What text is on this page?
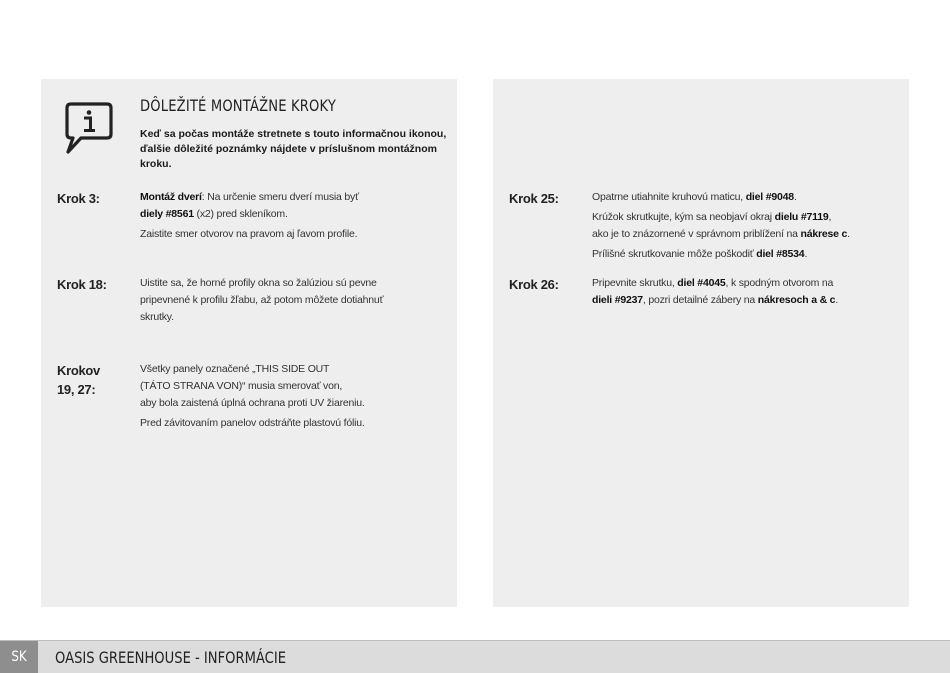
DÔLEŽITÉ MONTÁŽNE KROKY
Keď sa počas montáže stretnete s touto informačnou ikonou, ďalšie dôležité poznámky nájdete v príslušnom montážnom kroku.
Krok 3:	Montáž dverí: Na určenie smeru dverí musia byť

diely #8561 (x2) pred skleníkom.

Zaistite smer otvorov na pravom aj ľavom profile.

Krok 18:	Uistite sa, že horné profily okna so žalúziou sú pevne

pripevnené k profilu žľabu, až potom môžete dotiahnuť

skrutky.

Krokov
19, 27:

Všetky panely označené „THIS SIDE OUT

(TÁTO STRANA VON)“ musia smerovať von,

aby bola zaistená úplná ochrana proti UV žiareniu.

Pred závitovaním panelov odstráňte plastovú fóliu.

Krok 25:	Opatrne utiahnite kruhovú maticu, diel #9048.

Krúžok skrutkujte, kým sa neobjaví okraj dielu #7119,

ako je to znázornené v správnom priblížení na nákrese c.

Prílišné skrutkovanie môže poškodiť diel #8534.

Krok 26:	Pripevnite skrutku, diel #4045, k spodným otvorom na

dieli #9237, pozri detailné zábery na nákresoch a & c.

SK OASIS GREENHOUSE - INFORMÁCIE
